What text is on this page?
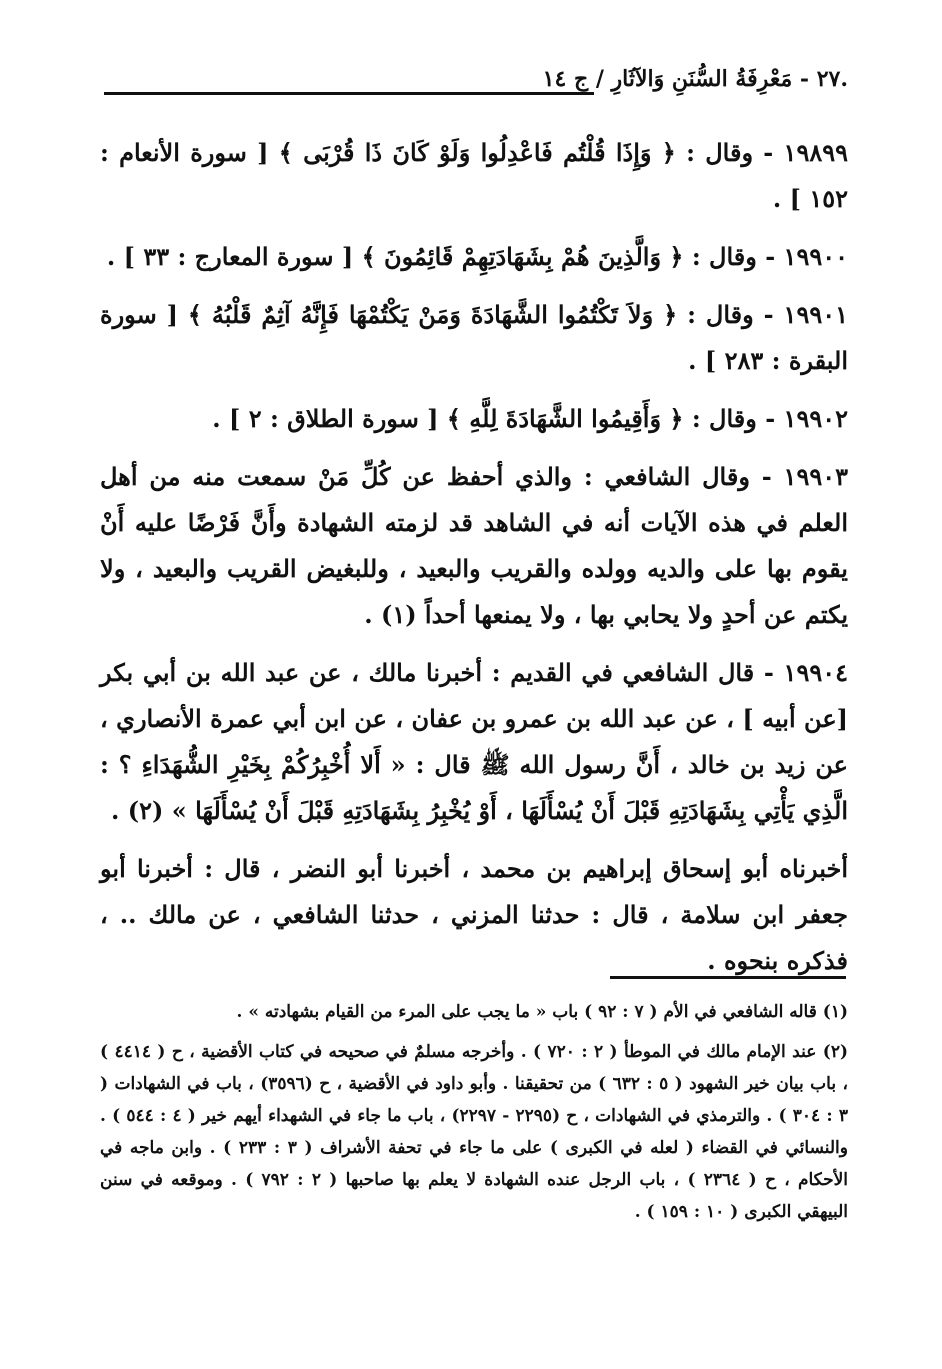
.٢٧ - مَعْرِفَةُ السُّنَنِ وَالآثَارِ / ج ١٤

١٩٨٩٩ - وقال : ﴿ وَإِذَا قُلْتُم فَاعْدِلُوا وَلَوْ كَانَ ذَا قُرْبَى ﴾ [ سورة الأنعام : ١٥٢ ] .

١٩٩٠٠ - وقال : ﴿ وَالَّذِينَ هُمْ بِشَهَادَتِهِمْ قَائِمُونَ ﴾ [ سورة المعارج : ٣٣ ] .

١٩٩٠١ - وقال : ﴿ وَلاَ تَكْتُمُوا الشَّهَادَةَ وَمَنْ يَكْتُمْهَا فَإِنَّهُ آثِمٌ قَلْبُهُ ﴾ [ سورة البقرة : ٢٨٣ ] .

١٩٩٠٢ - وقال : ﴿ وَأَقِيمُوا الشَّهَادَةَ لِلَّهِ ﴾ [ سورة الطلاق : ٢ ] .

١٩٩٠٣ - وقال الشافعي : والذي أحفظ عن كُلِّ مَنْ سمعت منه من أهل العلم في هذه الآيات أنه في الشاهد قد لزمته الشهادة وأَنَّ فَرْضًا عليه أَنْ يقوم بها على والديه وولده والقريب والبعيد ، وللبغيض القريب والبعيد ، ولا يكتم عن أحدٍ ولا يحابي بها ، ولا يمنعها أحداً (١) .

١٩٩٠٤ - قال الشافعي في القديم : أخبرنا مالك ، عن عبد الله بن أبي بكر [عن أبيه ] ، عن عبد الله بن عمرو بن عفان ، عن ابن أبي عمرة الأنصاري ، عن زيد بن خالد ، أَنَّ رسول الله ﷺ قال : « أَلا أُخْبِرُكُمْ بِخَيْرِ الشُّهَدَاءِ ؟ : الَّذِي يَأْتِي بِشَهَادَتِهِ قَبْلَ أَنْ يُسْأَلَهَا ، أَوْ يُخْبِرُ بِشَهَادَتِهِ قَبْلَ أَنْ يُسْأَلَهَا » (٢) .

أخبرناه أبو إسحاق إبراهيم بن محمد ، أخبرنا أبو النضر ، قال : أخبرنا أبو جعفر ابن سلامة ، قال : حدثنا المزني ، حدثنا الشافعي ، عن مالك .. ، فذكره بنحوه .

(١) قاله الشافعي في الأم ( ٧ : ٩٢ ) باب « ما يجب على المرء من القيام بشهادته » .

(٢) عند الإمام مالك في الموطأ ( ٢ : ٧٢٠ ) . وأخرجه مسلمٌ في صحيحه في كتاب الأقضية ، ح ( ٤٤١٤ ) ، باب بيان خير الشهود ( ٥ : ٦٣٢ ) من تحقيقنا . وأبو داود في الأقضية ، ح (٣٥٩٦) ، باب في الشهادات ( ٣ : ٣٠٤ ) . والترمذي في الشهادات ، ح (٢٢٩٥ - ٢٢٩٧) ، باب ما جاء في الشهداء أيهم خير ( ٤ : ٥٤٤ ) . والنسائي في القضاء ( لعله في الكبرى ) على ما جاء في تحفة الأشراف ( ٣ : ٢٣٣ ) . وابن ماجه في الأحكام ، ح ( ٢٣٦٤ ) ، باب الرجل عنده الشهادة لا يعلم بها صاحبها ( ٢ : ٧٩٢ ) . وموقعه في سنن البيهقي الكبرى ( ١٠ : ١٥٩ ) .
